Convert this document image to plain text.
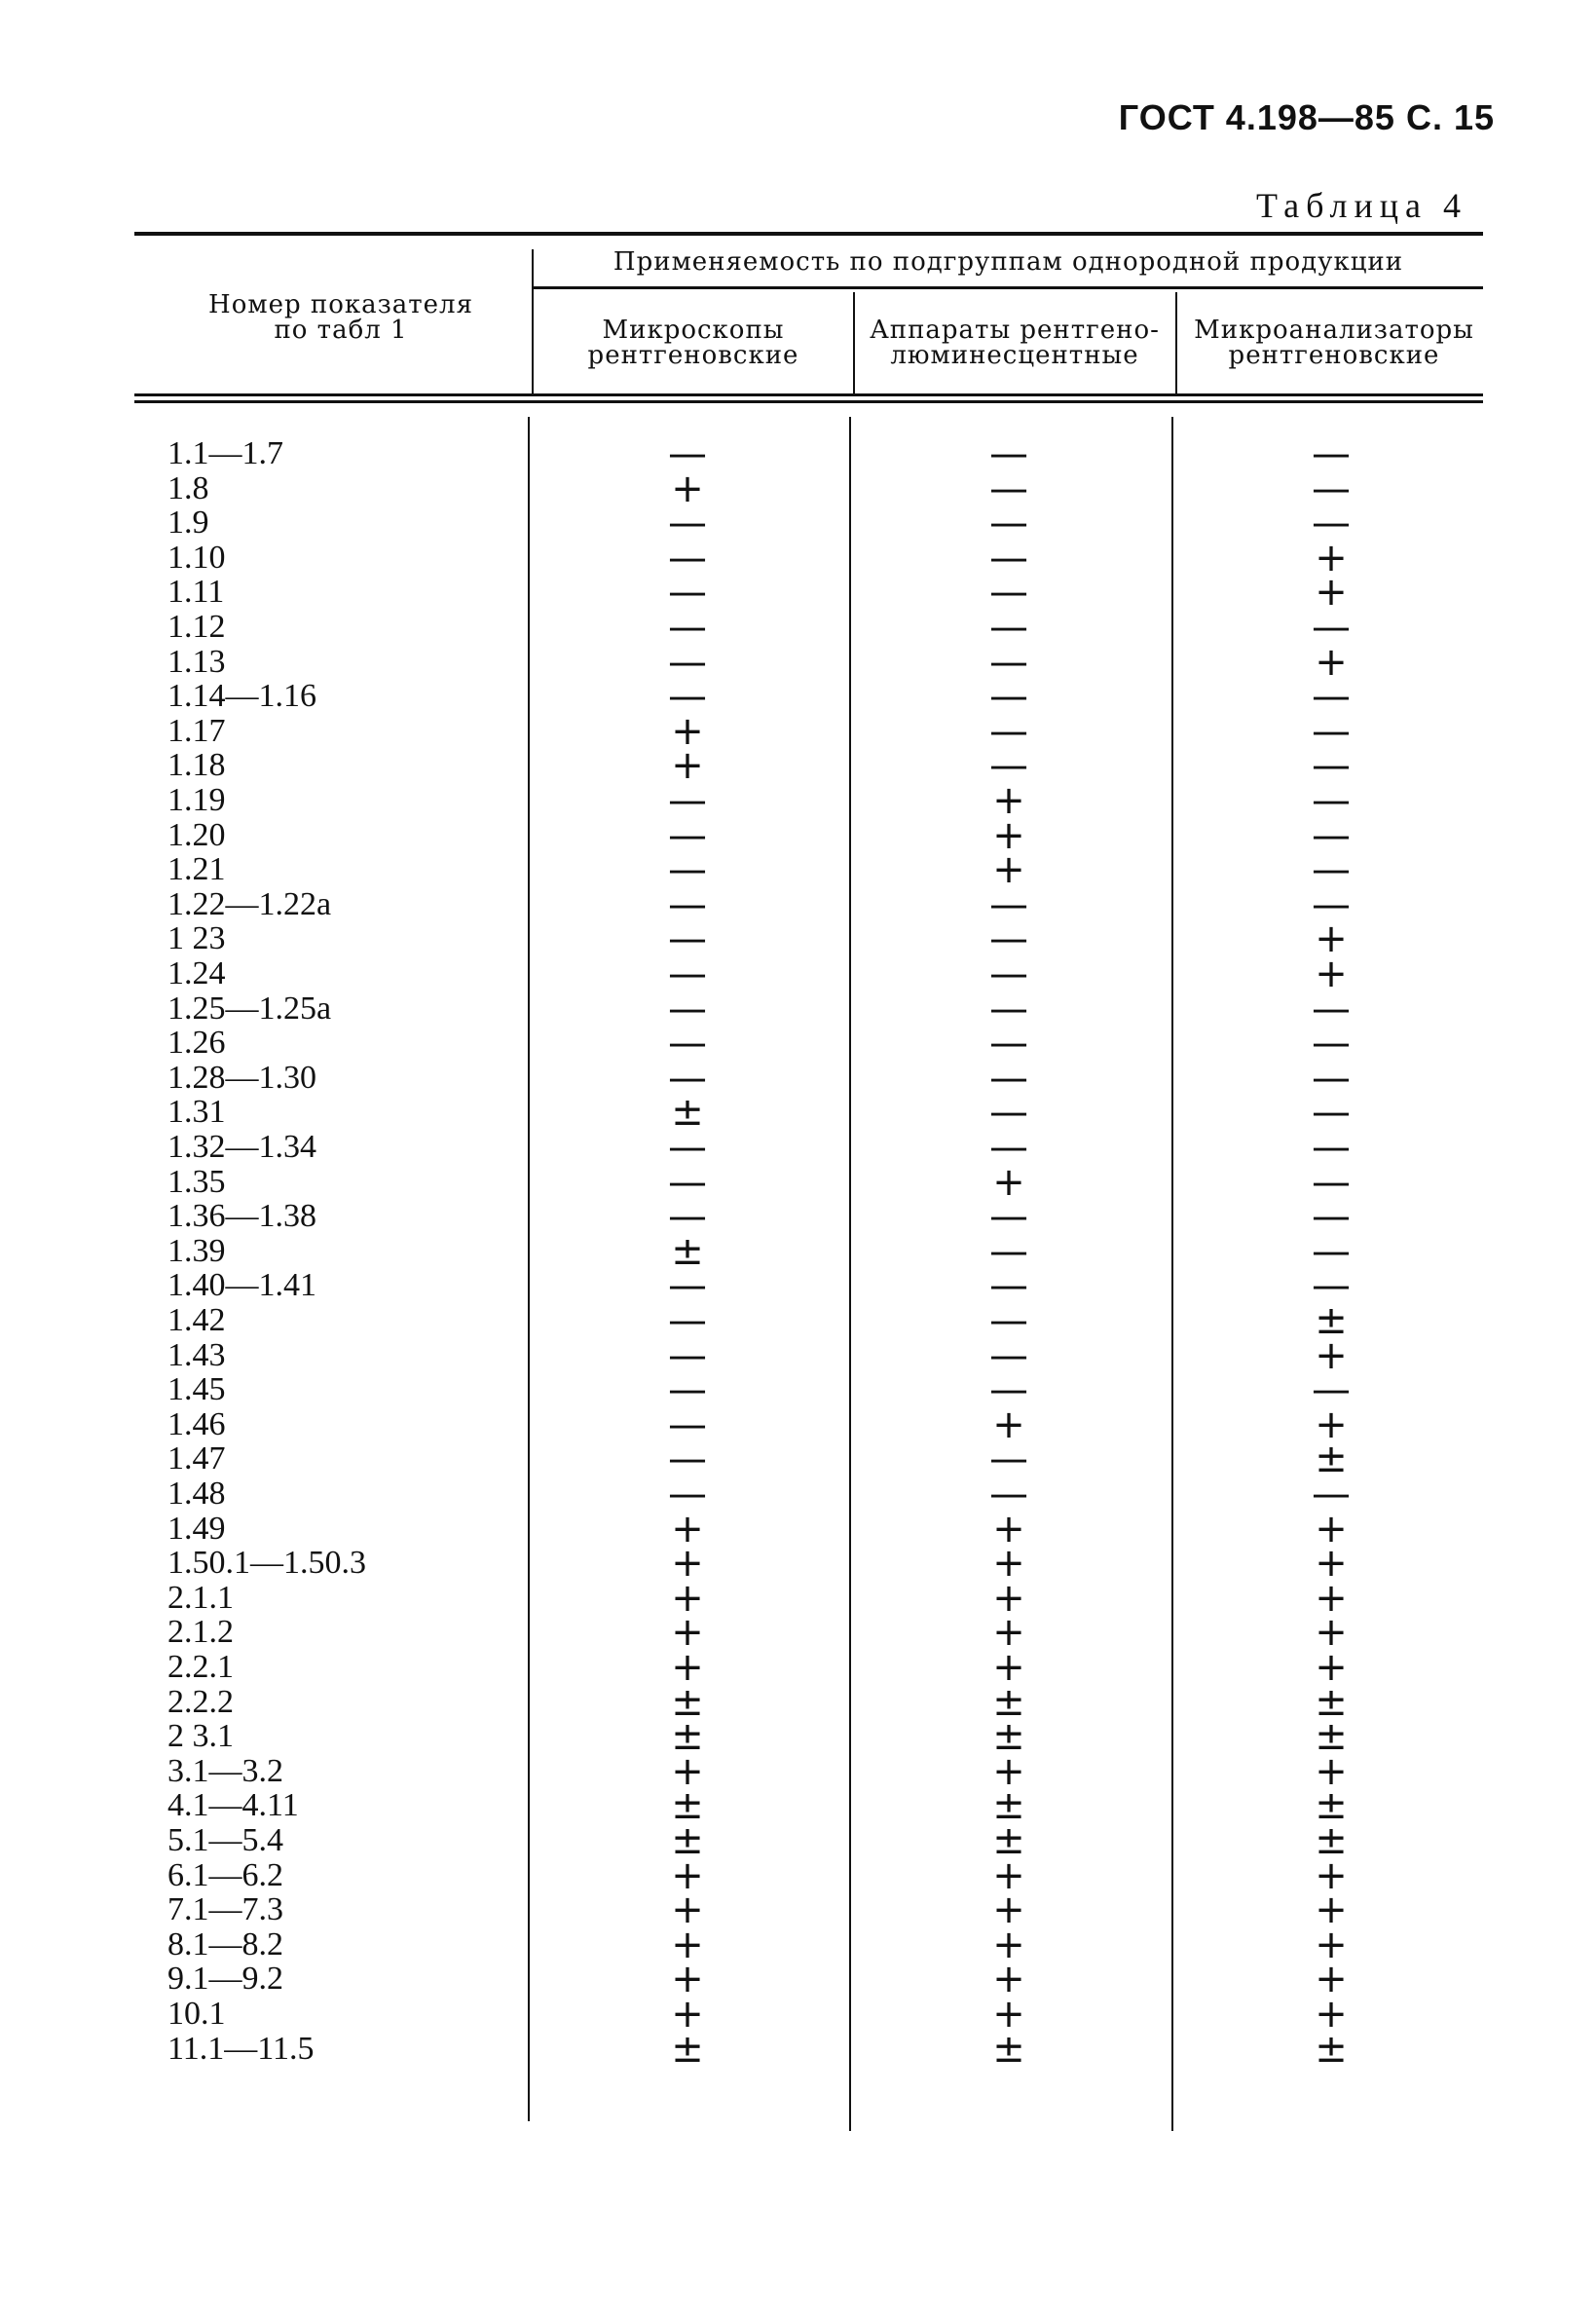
ГОСТ 4.198—85 С. 15
Таблица 4
Номер показателя
по табл 1
Применяемость по подгруппам однородной продукции
Микроскопы
рентгеновские
Аппараты рентгено-
люминесцентные
Микроанализаторы
рентгеновские
1.1—1.7	—	—	—
1.8	+	—	—
1.9	—	—	—
1.10	—	—	+
1.11	—	—	+
1.12	—	—	—
1.13	—	—	+
1.14—1.16	—	—	—
1.17	+	—	—
1.18	+	—	—
1.19	—	+	—
1.20	—	+	—
1.21	—	+	—
1.22—1.22а	—	—	—
1 23	—	—	+
1.24	—	—	+
1.25—1.25а	—	—	—
1.26	—	—	—
1.28—1.30	—	—	—
1.31	±	—	—
1.32—1.34	—	—	—
1.35	—	+	—
1.36—1.38	—	—	—
1.39	±	—	—
1.40—1.41	—	—	—
1.42	—	—	±
1.43	—	—	+
1.45	—	—	—
1.46	—	+	+
1.47	—	—	±
1.48	—	—	—
1.49	+	+	+
1.50.1—1.50.3	+	+	+
2.1.1	+	+	+
2.1.2	+	+	+
2.2.1	+	+	+
2.2.2	±	±	±
2 3.1	±	±	±
3.1—3.2	+	+	+
4.1—4.11	±	±	±
5.1—5.4	±	±	±
6.1—6.2	+	+	+
7.1—7.3	+	+	+
8.1—8.2	+	+	+
9.1—9.2	+	+	+
10.1	+	+	+
11.1—11.5	±	±	±
